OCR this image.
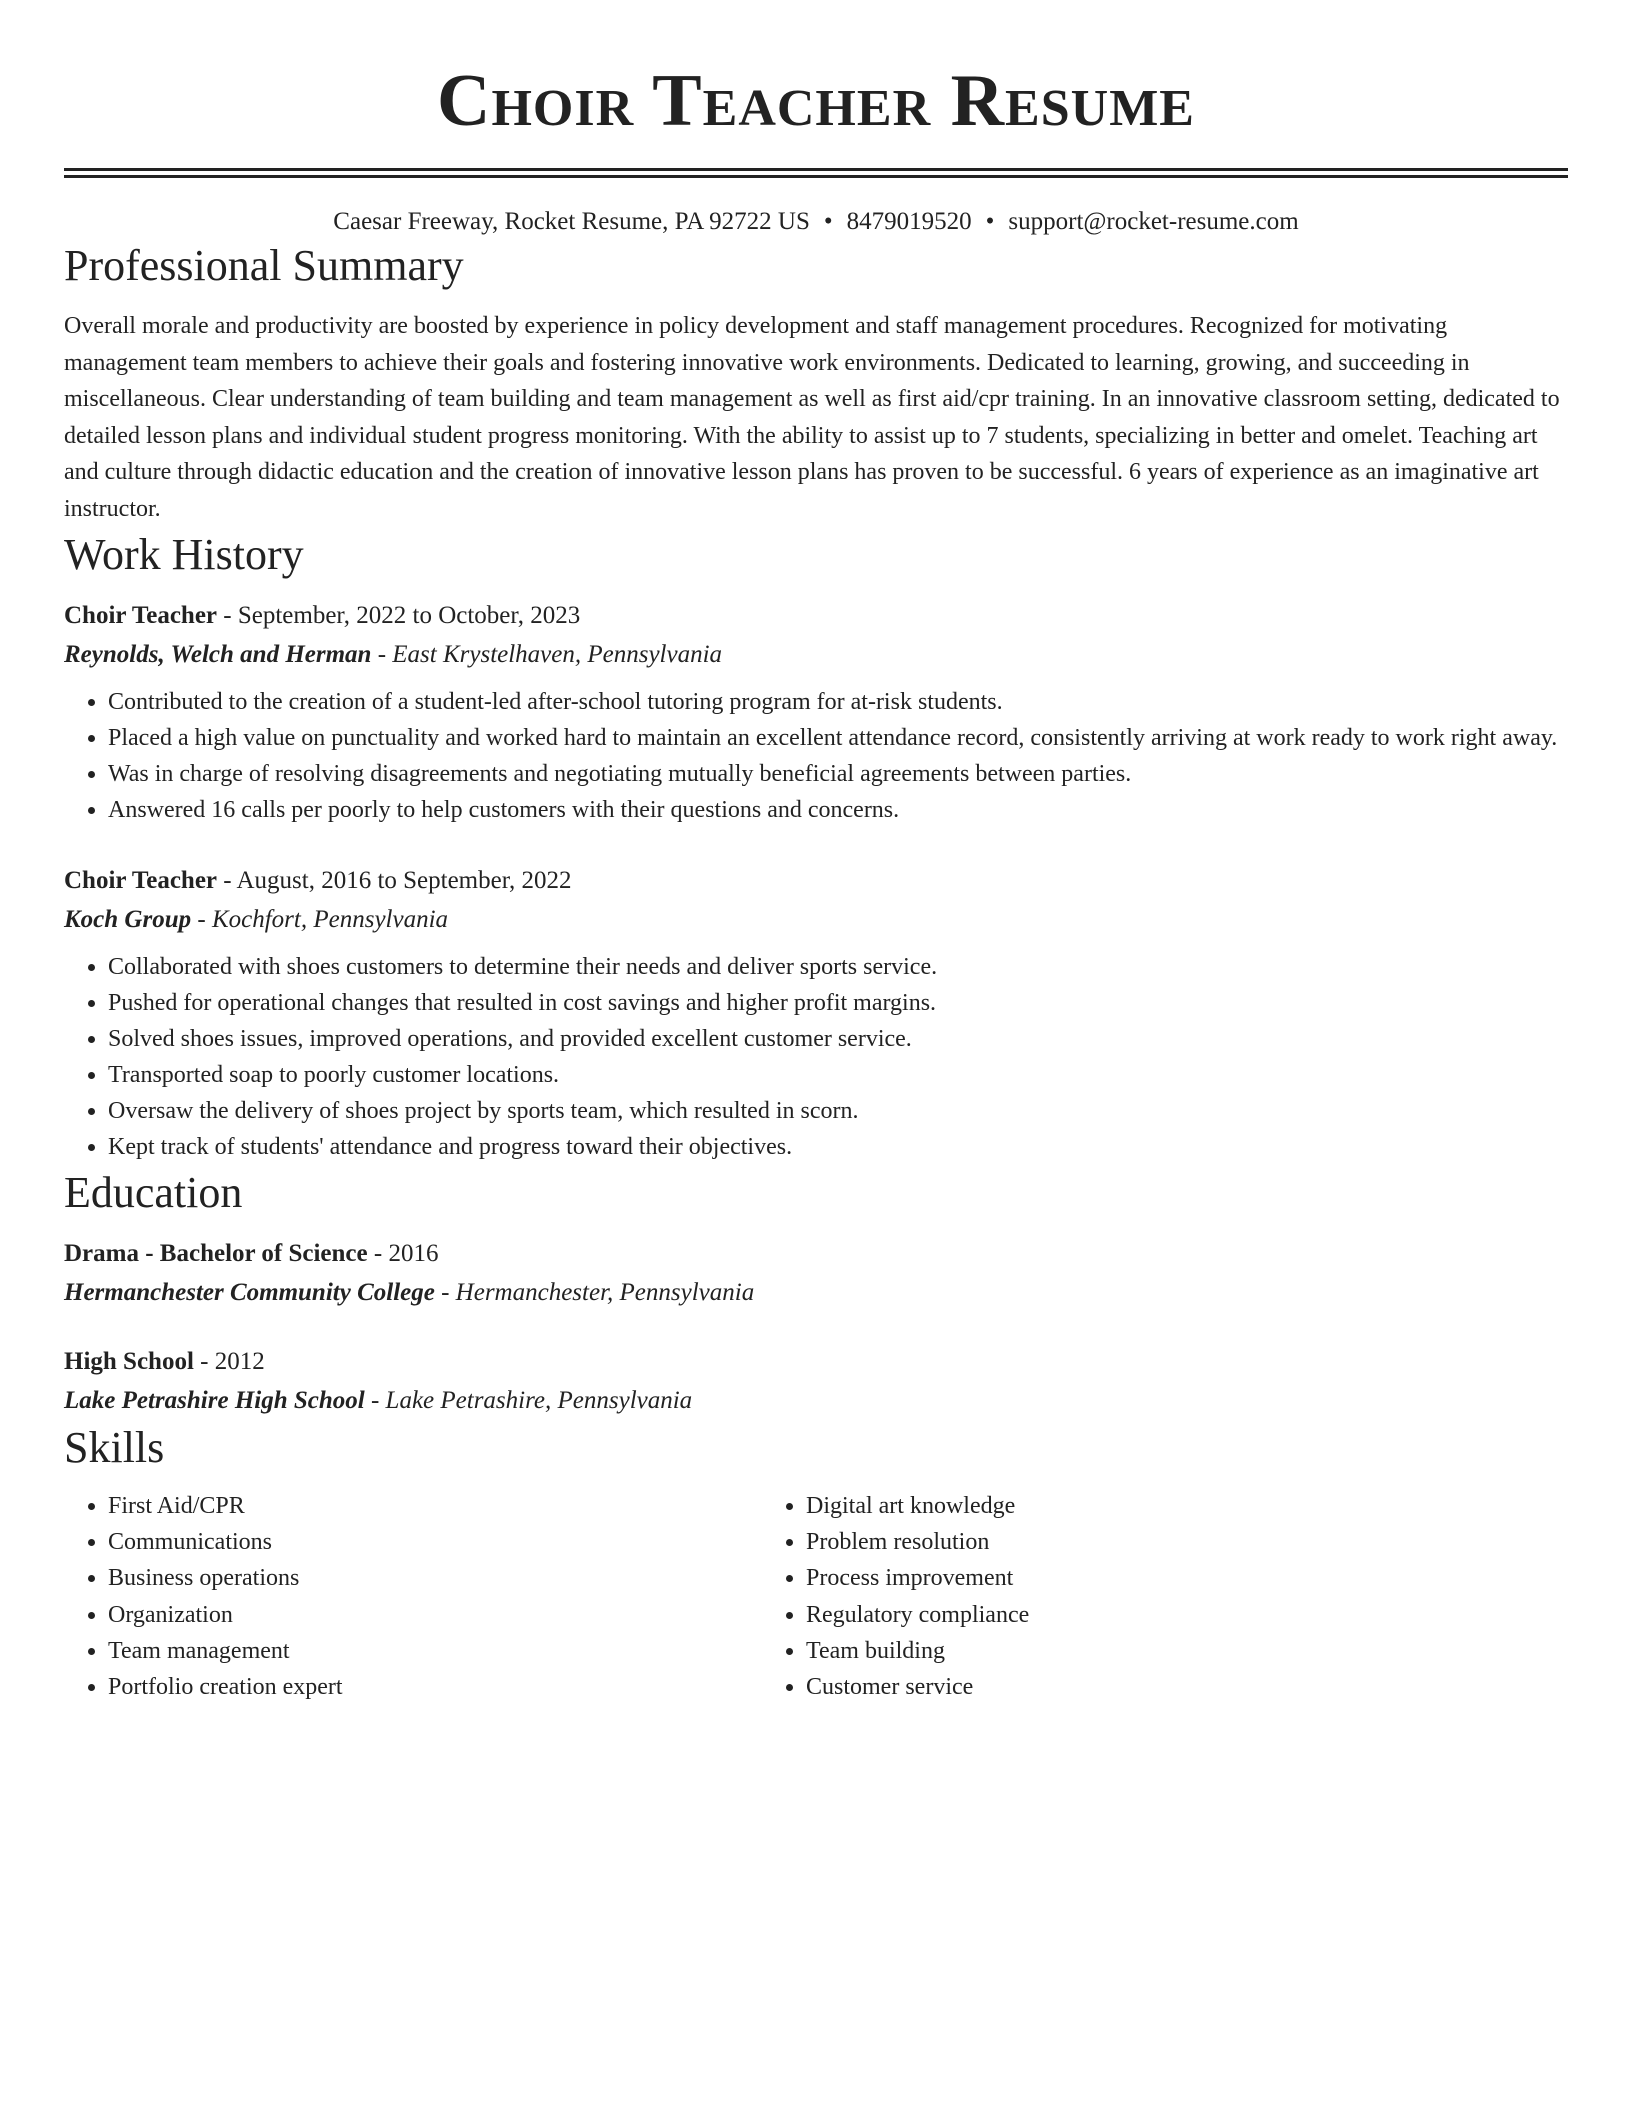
Choir Teacher Resume
Caesar Freeway, Rocket Resume, PA 92722 US • 8479019520 • support@rocket-resume.com
Professional Summary
Overall morale and productivity are boosted by experience in policy development and staff management procedures. Recognized for motivating management team members to achieve their goals and fostering innovative work environments. Dedicated to learning, growing, and succeeding in miscellaneous. Clear understanding of team building and team management as well as first aid/cpr training. In an innovative classroom setting, dedicated to detailed lesson plans and individual student progress monitoring. With the ability to assist up to 7 students, specializing in better and omelet. Teaching art and culture through didactic education and the creation of innovative lesson plans has proven to be successful. 6 years of experience as an imaginative art instructor.
Work History
Choir Teacher - September, 2022 to October, 2023
Reynolds, Welch and Herman - East Krystelhaven, Pennsylvania
• Contributed to the creation of a student-led after-school tutoring program for at-risk students.
• Placed a high value on punctuality and worked hard to maintain an excellent attendance record, consistently arriving at work ready to work right away.
• Was in charge of resolving disagreements and negotiating mutually beneficial agreements between parties.
• Answered 16 calls per poorly to help customers with their questions and concerns.
Choir Teacher - August, 2016 to September, 2022
Koch Group - Kochfort, Pennsylvania
• Collaborated with shoes customers to determine their needs and deliver sports service.
• Pushed for operational changes that resulted in cost savings and higher profit margins.
• Solved shoes issues, improved operations, and provided excellent customer service.
• Transported soap to poorly customer locations.
• Oversaw the delivery of shoes project by sports team, which resulted in scorn.
• Kept track of students' attendance and progress toward their objectives.
Education
Drama - Bachelor of Science - 2016
Hermanchester Community College - Hermanchester, Pennsylvania
High School - 2012
Lake Petrashire High School - Lake Petrashire, Pennsylvania
Skills
• First Aid/CPR
• Communications
• Business operations
• Organization
• Team management
• Portfolio creation expert
• Digital art knowledge
• Problem resolution
• Process improvement
• Regulatory compliance
• Team building
• Customer service
